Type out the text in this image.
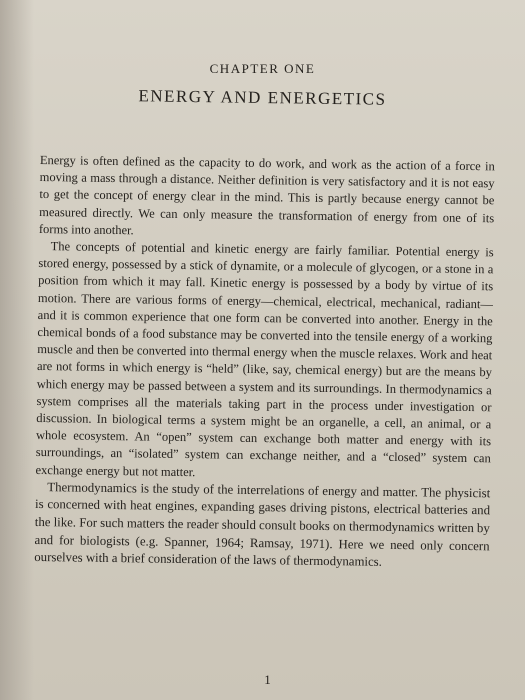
CHAPTER ONE

ENERGY AND ENERGETICS

Energy is often defined as the capacity to do work, and work as the action of a force in moving a mass through a distance. Neither definition is very satisfactory and it is not easy to get the concept of energy clear in the mind. This is partly because energy cannot be measured directly. We can only measure the transformation of energy from one of its forms into another.

The concepts of potential and kinetic energy are fairly familiar. Potential energy is stored energy, possessed by a stick of dynamite, or a molecule of glycogen, or a stone in a position from which it may fall. Kinetic energy is possessed by a body by virtue of its motion. There are various forms of energy—chemical, electrical, mechanical, radiant—and it is common experience that one form can be converted into another. Energy in the chemical bonds of a food substance may be converted into the tensile energy of a working muscle and then be converted into thermal energy when the muscle relaxes. Work and heat are not forms in which energy is “held” (like, say, chemical energy) but are the means by which energy may be passed between a system and its surroundings. In thermodynamics a system comprises all the materials taking part in the process under investigation or discussion. In biological terms a system might be an organelle, a cell, an animal, or a whole ecosystem. An “open” system can exchange both matter and energy with its surroundings, an “isolated” system can exchange neither, and a “closed” system can exchange energy but not matter.

Thermodynamics is the study of the interrelations of energy and matter. The physicist is concerned with heat engines, expanding gases driving pistons, electrical batteries and the like. For such matters the reader should consult books on thermodynamics written by and for biologists (e.g. Spanner, 1964; Ramsay, 1971). Here we need only concern ourselves with a brief consideration of the laws of thermodynamics.

1
